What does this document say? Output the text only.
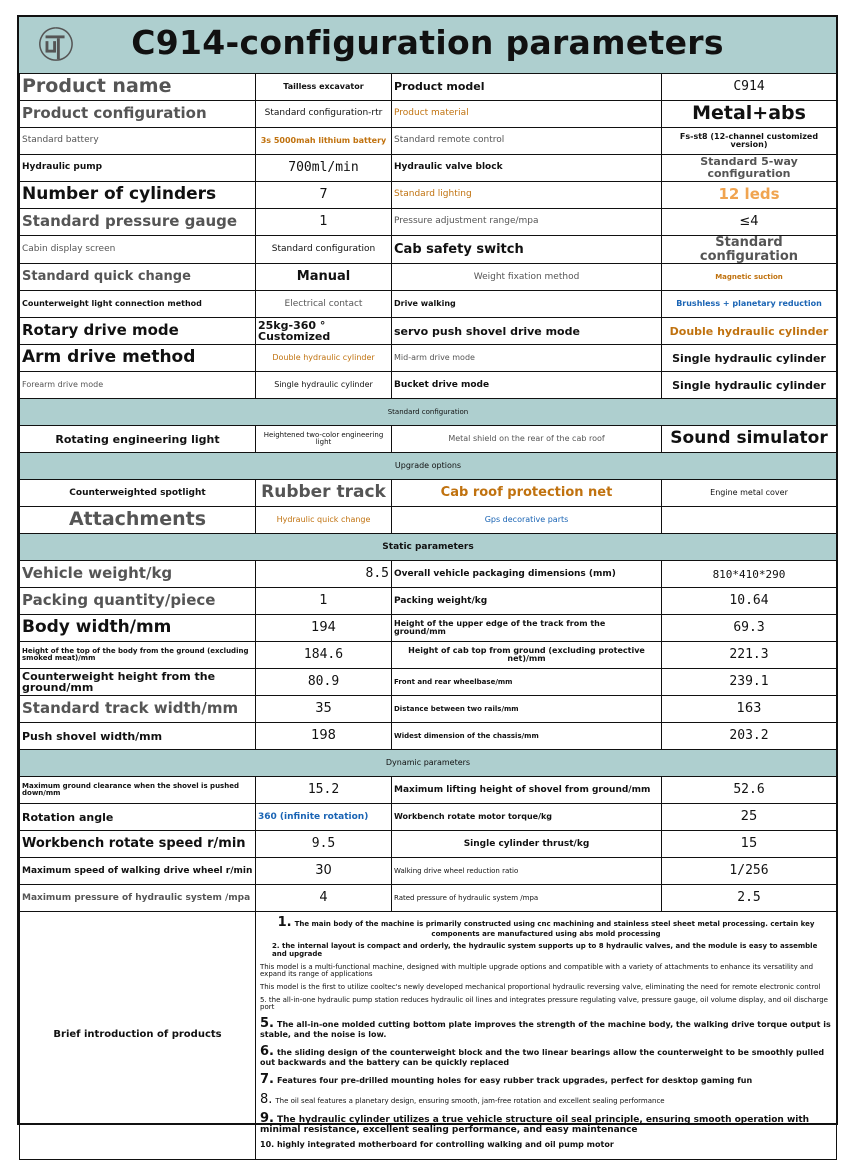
C914-configuration parameters
Product name	Tailless excavator	Product model	C914
Product configuration	Standard configuration-rtr	Product material	Metal+abs
Standard battery	3s 5000mah lithium battery	Standard remote control	Fs-st8 (12-channel customized version)
Hydraulic pump	700ml/min	Hydraulic valve block	Standard 5-way configuration
Number of cylinders	7	Standard lighting	12 leds
Standard pressure gauge	1	Pressure adjustment range/mpa	≤4
Cabin display screen	Standard configuration	Cab safety switch	Standard configuration
Standard quick change	Manual	Weight fixation method	Magnetic suction
Counterweight light connection method	Electrical contact	Drive walking	Brushless + planetary reduction
Rotary drive mode	25kg-360 ° Customized	servo push shovel drive mode	Double hydraulic cylinder
Arm drive method	Double hydraulic cylinder	Mid-arm drive mode	Single hydraulic cylinder
Forearm drive mode	Single hydraulic cylinder	Bucket drive mode	Single hydraulic cylinder
Standard configuration			
Rotating engineering light	Heightened two-color engineering light	Metal shield on the rear of the cab roof	Sound simulator
Upgrade options			
Counterweighted spotlight	Rubber track	Cab roof protection net	Engine metal cover
Attachments	Hydraulic quick change	Gps decorative parts	
Static parameters			
Vehicle weight/kg	8.5	Overall vehicle packaging dimensions (mm)	810*410*290
Packing quantity/piece	1	Packing weight/kg	10.64
Body width/mm	194	Height of the upper edge of the track from the ground/mm	69.3
Height of the top of the body from the ground (excluding smoked meat)/mm	184.6	Height of cab top from ground (excluding protective net)/mm	221.3
Counterweight height from the ground/mm	80.9	Front and rear wheelbase/mm	239.1
Standard track width/mm	35	Distance between two rails/mm	163
Push shovel width/mm	198	Widest dimension of the chassis/mm	203.2
Dynamic parameters			
Maximum ground clearance when the shovel is pushed down/mm	15.2	Maximum lifting height of shovel from ground/mm	52.6
Rotation angle	360 (infinite rotation)	Workbench rotate motor torque/kg	25
Workbench rotate speed r/min	9.5	Single cylinder thrust/kg	15
Maximum speed of walking drive wheel r/min	30	Walking drive wheel reduction ratio	1/256
Maximum pressure of hydraulic system /mpa	4	Rated pressure of hydraulic system /mpa	2.5
Brief introduction of products	
1. The main body of the machine is primarily constructed using cnc machining and stainless steel sheet metal processing. certain key components are manufactured using abs mold processing
2. the internal layout is compact and orderly, the hydraulic system supports up to 8 hydraulic valves, and the module is easy to assemble and upgrade
This model is a multi-functional machine, designed with multiple upgrade options and compatible with a variety of attachments to enhance its versatility and expand its range of applications
This model is the first to utilize cooltec's newly developed mechanical proportional hydraulic reversing valve, eliminating the need for remote electronic control
5. the all-in-one hydraulic pump station reduces hydraulic oil lines and integrates pressure regulating valve, pressure gauge, oil volume display, and oil discharge port
5. The all-in-one molded cutting bottom plate improves the strength of the machine body, the walking drive torque output is stable, and the noise is low.
6. the sliding design of the counterweight block and the two linear bearings allow the counterweight to be smoothly pulled out backwards and the battery can be quickly replaced
7. Features four pre-drilled mounting holes for easy rubber track upgrades, perfect for desktop gaming fun
8. The oil seal features a planetary design, ensuring smooth, jam-free rotation and excellent sealing performance
9. The hydraulic cylinder utilizes a true vehicle structure oil seal principle, ensuring smooth operation with minimal resistance, excellent sealing performance, and easy maintenance
10. highly integrated motherboard for controlling walking and oil pump motor
